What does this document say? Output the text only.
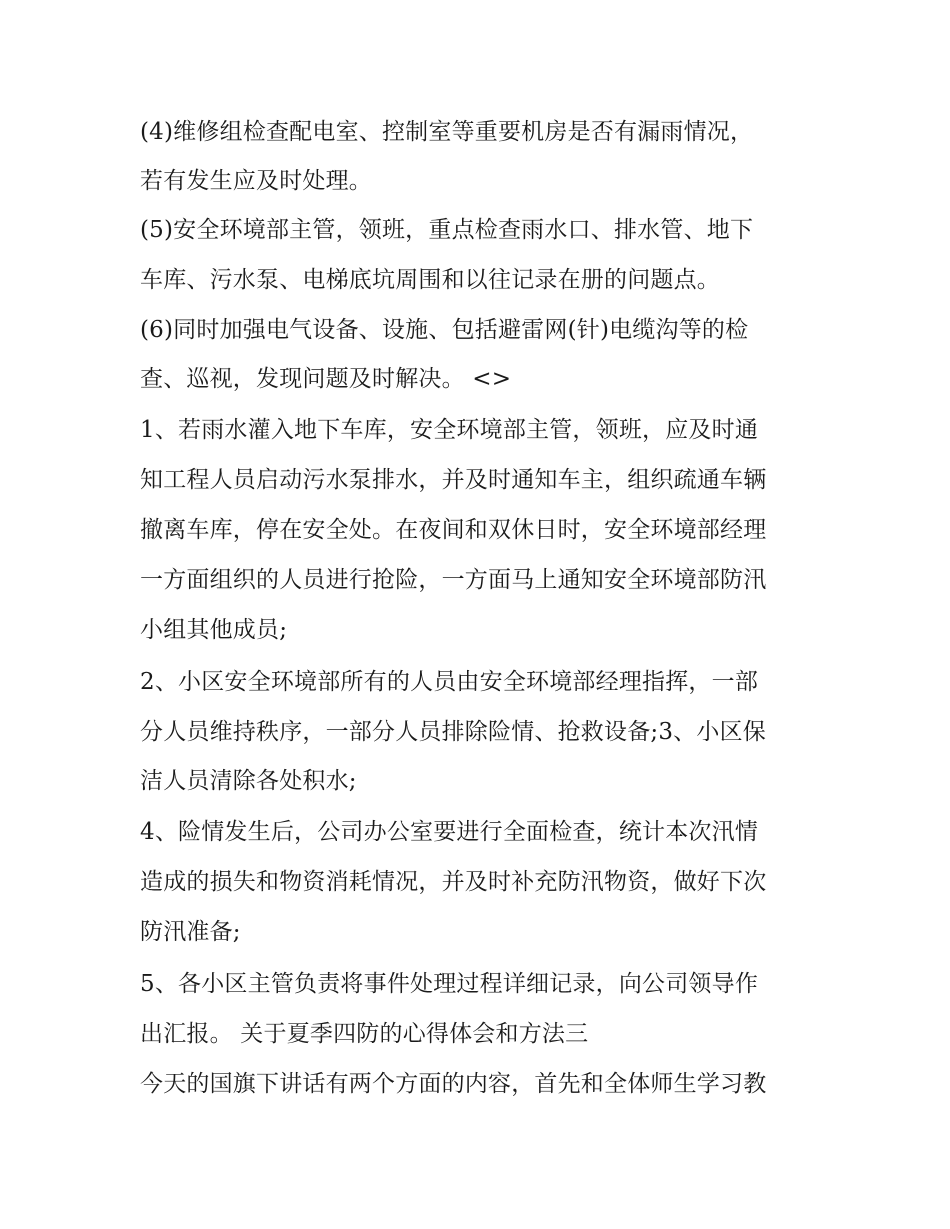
(4)维修组检查配电室、控制室等重要机房是否有漏雨情况，
若有发生应及时处理。
(5)安全环境部主管，领班，重点检查雨水口、排水管、地下
车库、污水泵、电梯底坑周围和以往记录在册的问题点。
(6)同时加强电气设备、设施、包括避雷网(针)电缆沟等的检
查、巡视，发现问题及时解决。 <>
1、若雨水灌入地下车库，安全环境部主管，领班，应及时通
知工程人员启动污水泵排水，并及时通知车主，组织疏通车辆
撤离车库，停在安全处。在夜间和双休日时，安全环境部经理
一方面组织的人员进行抢险，一方面马上通知安全环境部防汛
小组其他成员;
2、小区安全环境部所有的人员由安全环境部经理指挥，一部
分人员维持秩序，一部分人员排除险情、抢救设备;3、小区保
洁人员清除各处积水;
4、险情发生后，公司办公室要进行全面检查，统计本次汛情
造成的损失和物资消耗情况，并及时补充防汛物资，做好下次
防汛准备;
5、各小区主管负责将事件处理过程详细记录，向公司领导作
出汇报。 关于夏季四防的心得体会和方法三
今天的国旗下讲话有两个方面的内容，首先和全体师生学习教
